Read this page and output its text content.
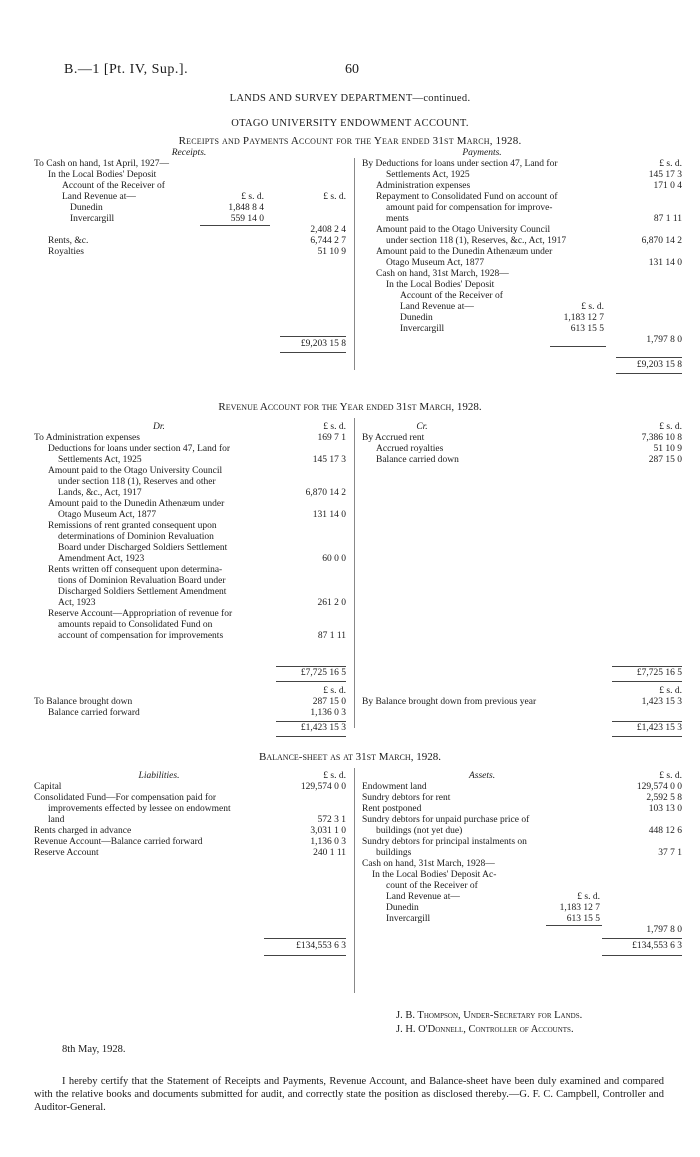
B.—1 [Pt. IV, Sup.].	60
LANDS AND SURVEY DEPARTMENT—continued.
OTAGO UNIVERSITY ENDOWMENT ACCOUNT.
Receipts and Payments Account for the Year ended 31st March, 1928.
Receipts.
To Cash on hand, 1st April, 1927—
In the Local Bodies' Deposit
Account of the Receiver of
Land Revenue at—	£ s. d.	£ s. d.
Dunedin	1,848 8 4
Invercargill	559 14 0
2,408 2 4
Rents, &c.	6,744 2 7
Royalties	51 10 9
£9,203 15 8
Payments.
By Deductions for loans under section 47, Land for	£ s. d.
Settlements Act, 1925	145 17 3
Administration expenses	171 0 4
Repayment to Consolidated Fund on account of
amount paid for compensation for improve-
ments	87 1 11
Amount paid to the Otago University Council
under section 118 (1), Reserves, &c., Act, 1917	6,870 14 2
Amount paid to the Dunedin Athenæum under
Otago Museum Act, 1877	131 14 0
Cash on hand, 31st March, 1928—
In the Local Bodies' Deposit
Account of the Receiver of
Land Revenue at—	£ s. d.
Dunedin	1,183 12 7
Invercargill	613 15 5
1,797 8 0
£9,203 15 8
Revenue Account for the Year ended 31st March, 1928.
Dr.	£ s. d.
To Administration expenses	169 7 1
Deductions for loans under section 47, Land for
Settlements Act, 1925	145 17 3
Amount paid to the Otago University Council
under section 118 (1), Reserves and other
Lands, &c., Act, 1917	6,870 14 2
Amount paid to the Dunedin Athenæum under
Otago Museum Act, 1877	131 14 0
Remissions of rent granted consequent upon
determinations of Dominion Revaluation
Board under Discharged Soldiers Settlement
Amendment Act, 1923	60 0 0
Rents written off consequent upon determina-
tions of Dominion Revaluation Board under
Discharged Soldiers Settlement Amendment
Act, 1923	261 2 0
Reserve Account—Appropriation of revenue for
amounts repaid to Consolidated Fund on
account of compensation for improvements	87 1 11
£7,725 16 5
Cr.	£ s. d.
By Accrued rent	7,386 10 8
Accrued royalties	51 10 9
Balance carried down	287 15 0
£7,725 16 5
£ s. d.
To Balance brought down	287 15 0
Balance carried forward	1,136 0 3
£1,423 15 3
£ s. d.
By Balance brought down from previous year	1,423 15 3
£1,423 15 3
Balance-sheet as at 31st March, 1928.
Liabilities.	£ s. d.
Capital	129,574 0 0
Consolidated Fund—For compensation paid for
improvements effected by lessee on endowment
land	572 3 1
Rents charged in advance	3,031 1 0
Revenue Account—Balance carried forward	1,136 0 3
Reserve Account	240 1 11
£134,553 6 3
Assets.	£ s. d.
Endowment land	129,574 0 0
Sundry debtors for rent	2,592 5 8
Rent postponed	103 13 0
Sundry debtors for unpaid purchase price of
buildings (not yet due)	448 12 6
Sundry debtors for principal instalments on
buildings	37 7 1
Cash on hand, 31st March, 1928—
In the Local Bodies' Deposit Ac-
count of the Receiver of
Land Revenue at—	£ s. d.
Dunedin	1,183 12 7
Invercargill	613 15 5
1,797 8 0
£134,553 6 3
J. B. Thompson, Under-Secretary for Lands.
J. H. O'Donnell, Controller of Accounts.
8th May, 1928.
I hereby certify that the Statement of Receipts and Payments, Revenue Account, and Balance-sheet have been duly examined and compared with the relative books and documents submitted for audit, and correctly state the position as disclosed thereby.—G. F. C. Campbell, Controller and Auditor-General.
